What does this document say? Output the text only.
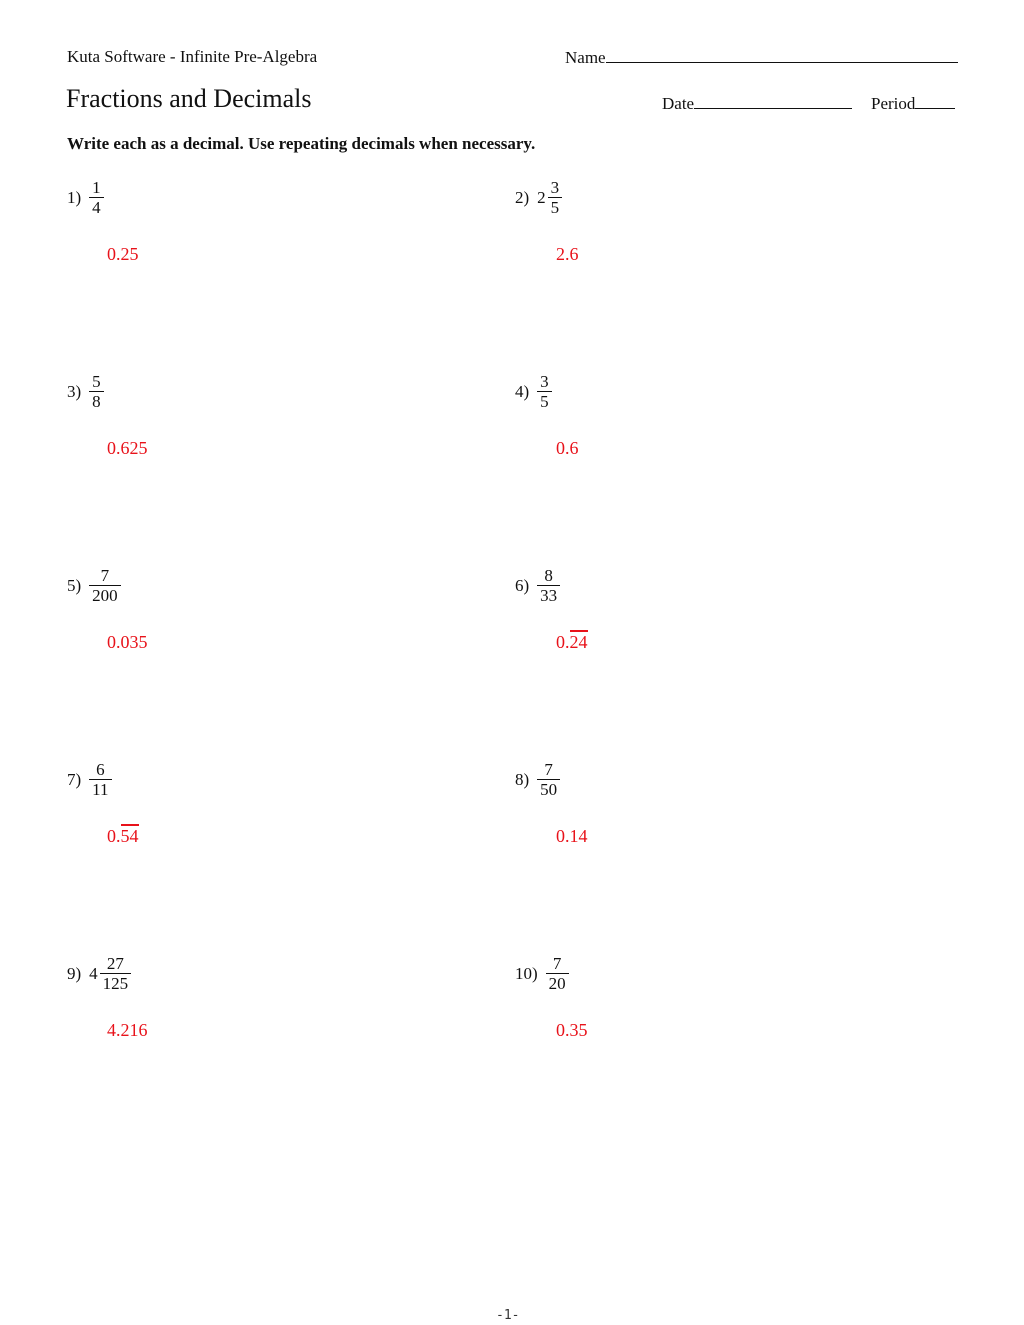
Kuta Software - Infinite Pre-Algebra	Name
Fractions and Decimals	Date	Period
Write each as a decimal. Use repeating decimals when necessary.
$1) \frac{1}{4}$
0.25
2) $2 \frac{3}{5}$
2.6
$3) \frac{5}{8}$
0.625
$4) \frac{3}{5}$
0.6
$5) \frac{7}{200}$
0.035
$6) \frac{8}{33}$
0.24
$7) \frac{6}{11}$
0.54
$8) \frac{7}{50}$
0.14
9) $4 \frac{27}{125}$
4.216
$10) \frac{7}{20}$
0.35
-1-
